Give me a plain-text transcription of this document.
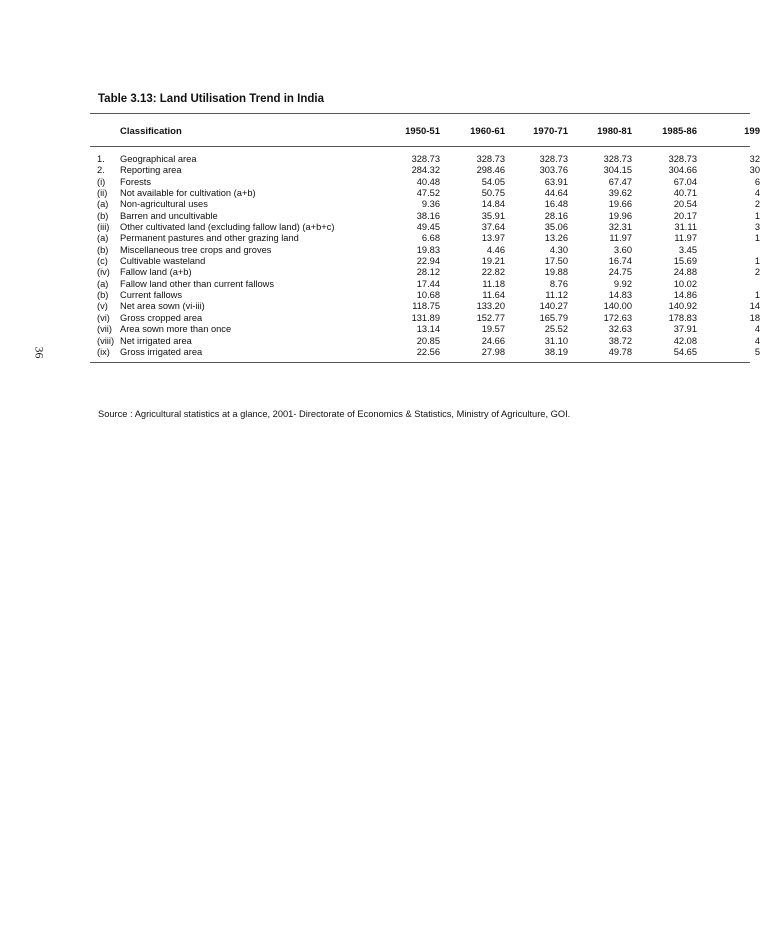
36
Table 3.13: Land Utilisation Trend in India
Classification	1950-51	1960-61	1970-71	1980-81	1985-86	199
1. Geographical area	328.73	328.73	328.73	328.73	328.73	32
2. Reporting area	284.32	298.46	303.76	304.15	304.66	30
(i) Forests	40.48	54.05	63.91	67.47	67.04	6
(ii) Not available for cultivation (a+b)	47.52	50.75	44.64	39.62	40.71	4
(a) Non-agricultural uses	9.36	14.84	16.48	19.66	20.54	2
(b) Barren and uncultivable	38.16	35.91	28.16	19.96	20.17	1
(iii) Other cultivated land (excluding fallow land) (a+b+c)	49.45	37.64	35.06	32.31	31.11	3
(a) Permanent pastures and other grazing land	6.68	13.97	13.26	11.97	11.97	1
(b) Miscellaneous tree crops and groves	19.83	4.46	4.30	3.60	3.45
(c) Cultivable wasteland	22.94	19.21	17.50	16.74	15.69	1
(iv) Fallow land (a+b)	28.12	22.82	19.88	24.75	24.88	2
(a) Fallow land other than current fallows	17.44	11.18	8.76	9.92	10.02
(b) Current fallows	10.68	11.64	11.12	14.83	14.86	1
(v) Net area sown (vi-iii)	118.75	133.20	140.27	140.00	140.92	14
(vi) Gross cropped area	131.89	152.77	165.79	172.63	178.83	18
(vii) Area sown more than once	13.14	19.57	25.52	32.63	37.91	4
(viii) Net irrigated area	20.85	24.66	31.10	38.72	42.08	4
(ix) Gross irrigated area	22.56	27.98	38.19	49.78	54.65	5
Source : Agricultural statistics at a glance, 2001- Directorate of Economics & Statistics, Ministry of Agriculture, GOI.
